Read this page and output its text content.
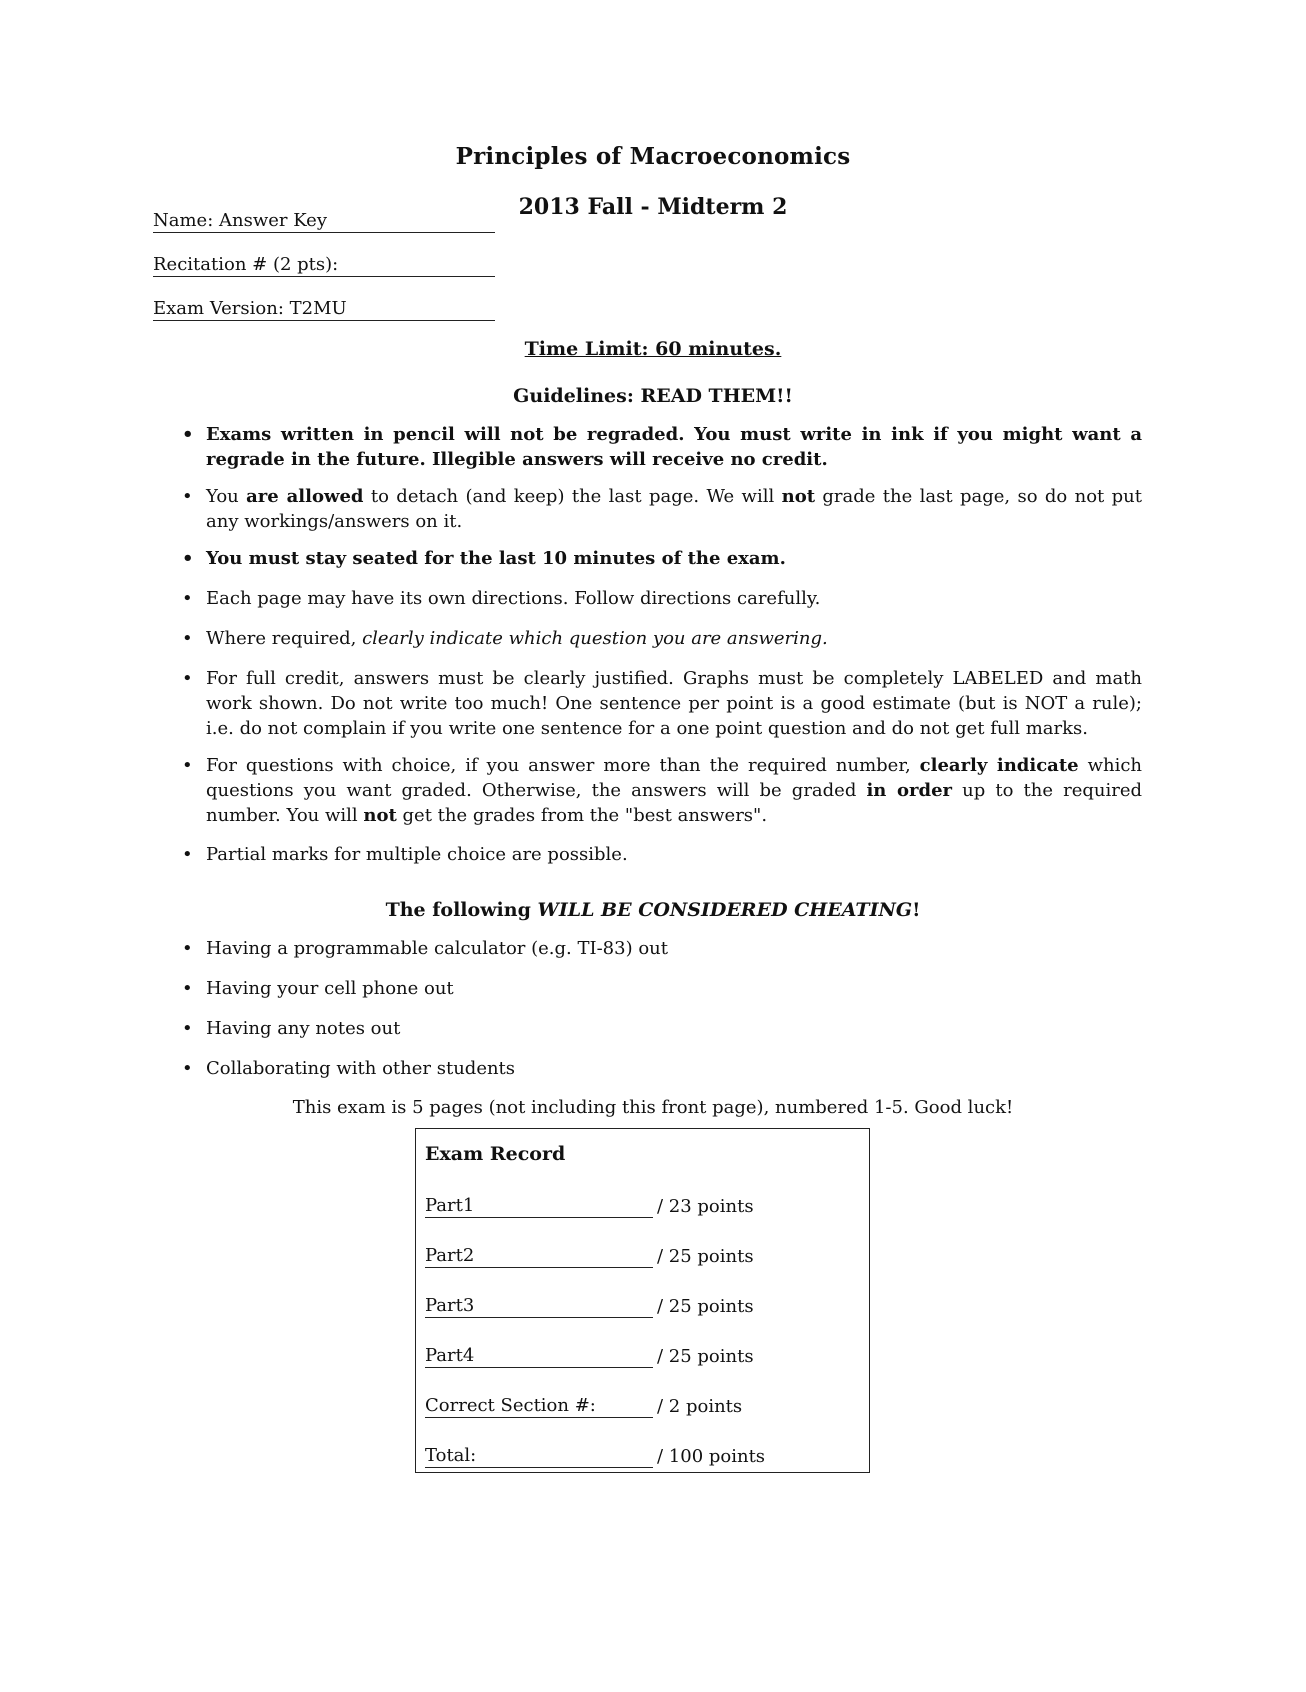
Principles of Macroeconomics
2013 Fall - Midterm 2
Name: Answer Key
Recitation # (2 pts):
Exam Version: T2MU
Time Limit: 60 minutes.
Guidelines: READ THEM!!
• Exams written in pencil will not be regraded. You must write in ink if you might want a regrade in the future. Illegible answers will receive no credit.
• You are allowed to detach (and keep) the last page. We will not grade the last page, so do not put any workings/answers on it.
• You must stay seated for the last 10 minutes of the exam.
• Each page may have its own directions. Follow directions carefully.
• Where required, clearly indicate which question you are answering.
• For full credit, answers must be clearly justified. Graphs must be completely LABELED and math work shown. Do not write too much! One sentence per point is a good estimate (but is NOT a rule); i.e. do not complain if you write one sentence for a one point question and do not get full marks.
• For questions with choice, if you answer more than the required number, clearly indicate which questions you want graded. Otherwise, the answers will be graded in order up to the required number. You will not get the grades from the "best answers".
• Partial marks for multiple choice are possible.
The following WILL BE CONSIDERED CHEATING!
• Having a programmable calculator (e.g. TI-83) out
• Having your cell phone out
• Having any notes out
• Collaborating with other students
This exam is 5 pages (not including this front page), numbered 1-5. Good luck!
Exam Record
Part1	/ 23 points
Part2	/ 25 points
Part3	/ 25 points
Part4	/ 25 points
Correct Section #:	/ 2 points
Total:	/ 100 points
